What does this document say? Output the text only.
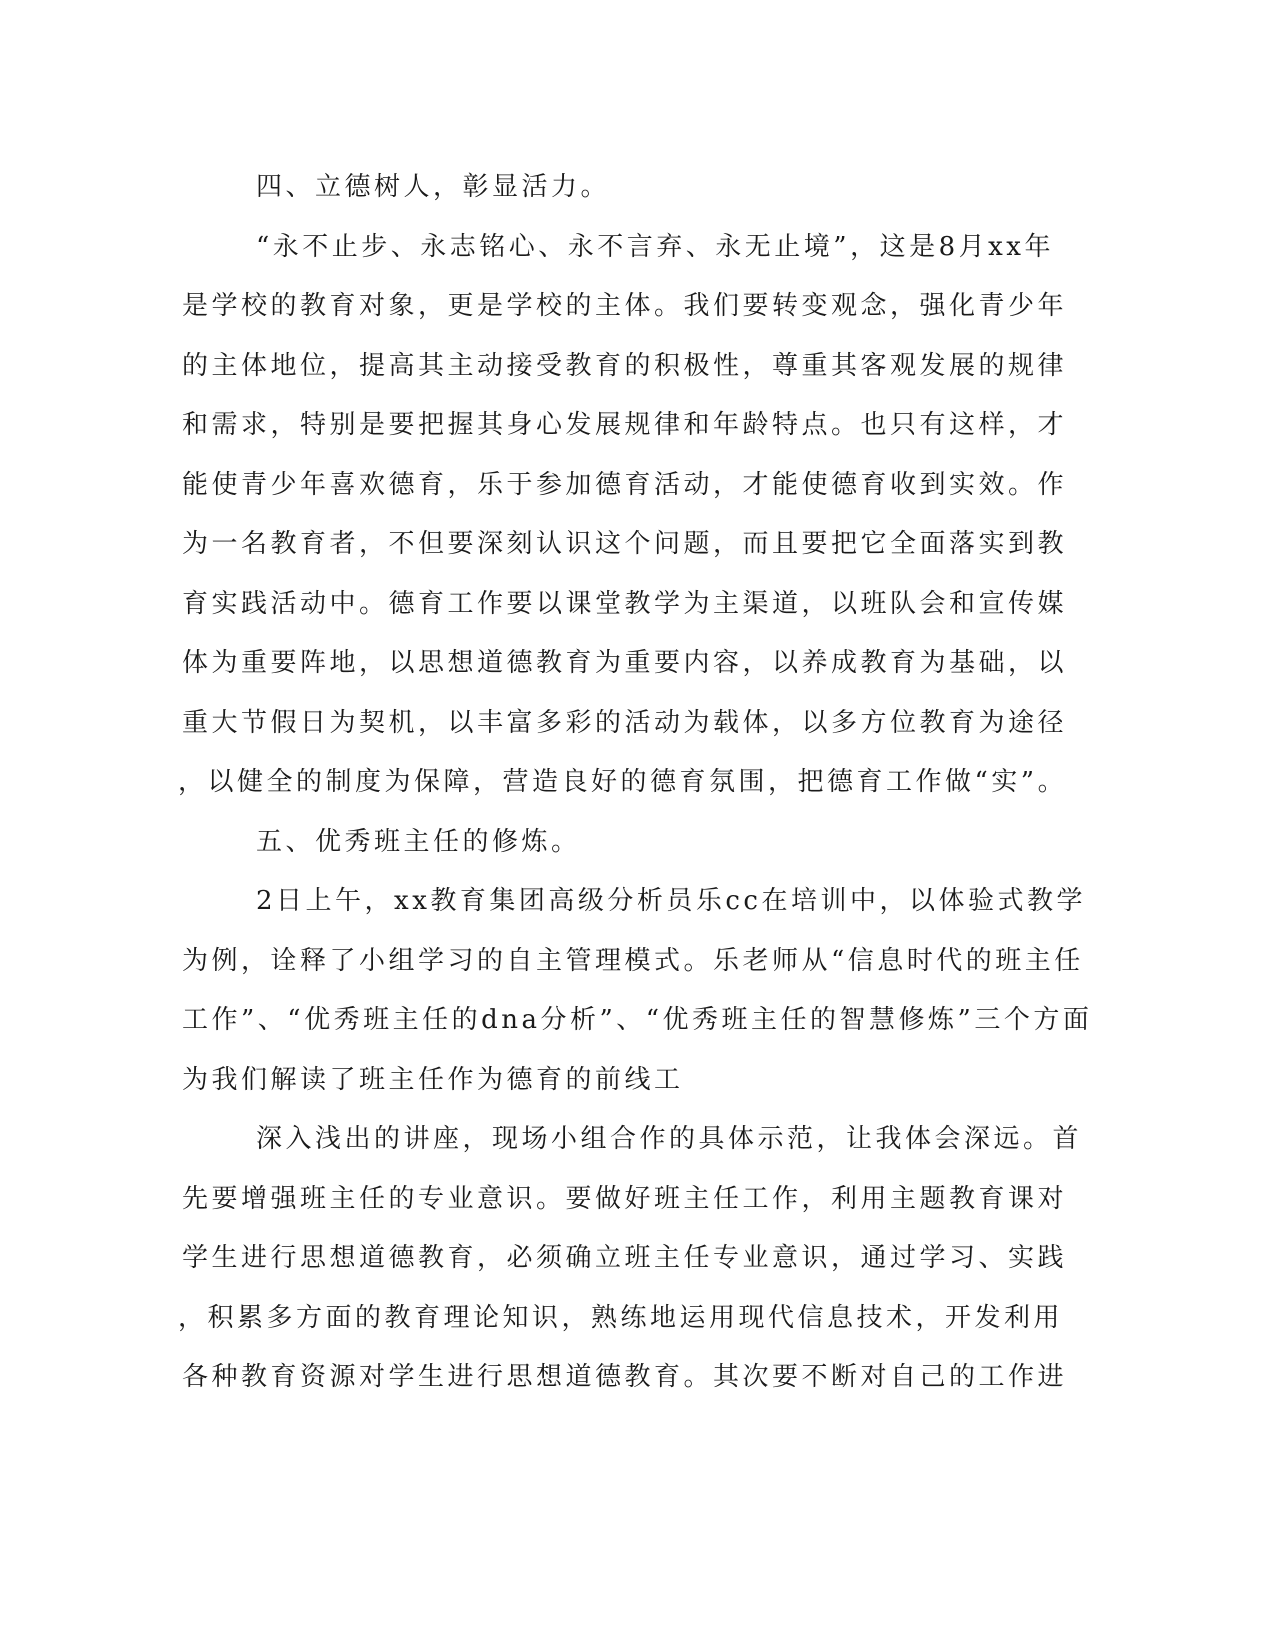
四、立德树人，彰显活力。
“永不止步、永志铭心、永不言弃、永无止境”，这是8月xx年
是学校的教育对象，更是学校的主体。我们要转变观念，强化青少年
的主体地位，提高其主动接受教育的积极性，尊重其客观发展的规律
和需求，特别是要把握其身心发展规律和年龄特点。也只有这样，才
能使青少年喜欢德育，乐于参加德育活动，才能使德育收到实效。作
为一名教育者，不但要深刻认识这个问题，而且要把它全面落实到教
育实践活动中。德育工作要以课堂教学为主渠道，以班队会和宣传媒
体为重要阵地，以思想道德教育为重要内容，以养成教育为基础，以
重大节假日为契机，以丰富多彩的活动为载体，以多方位教育为途径
，以健全的制度为保障，营造良好的德育氛围，把德育工作做“实”。
五、优秀班主任的修炼。
2日上午，xx教育集团高级分析员乐cc在培训中，以体验式教学
为例，诠释了小组学习的自主管理模式。乐老师从“信息时代的班主任
工作”、“优秀班主任的dna分析”、“优秀班主任的智慧修炼”三个方面
为我们解读了班主任作为德育的前线工
深入浅出的讲座，现场小组合作的具体示范，让我体会深远。首
先要增强班主任的专业意识。要做好班主任工作，利用主题教育课对
学生进行思想道德教育，必须确立班主任专业意识，通过学习、实践
，积累多方面的教育理论知识，熟练地运用现代信息技术，开发利用
各种教育资源对学生进行思想道德教育。其次要不断对自己的工作进
